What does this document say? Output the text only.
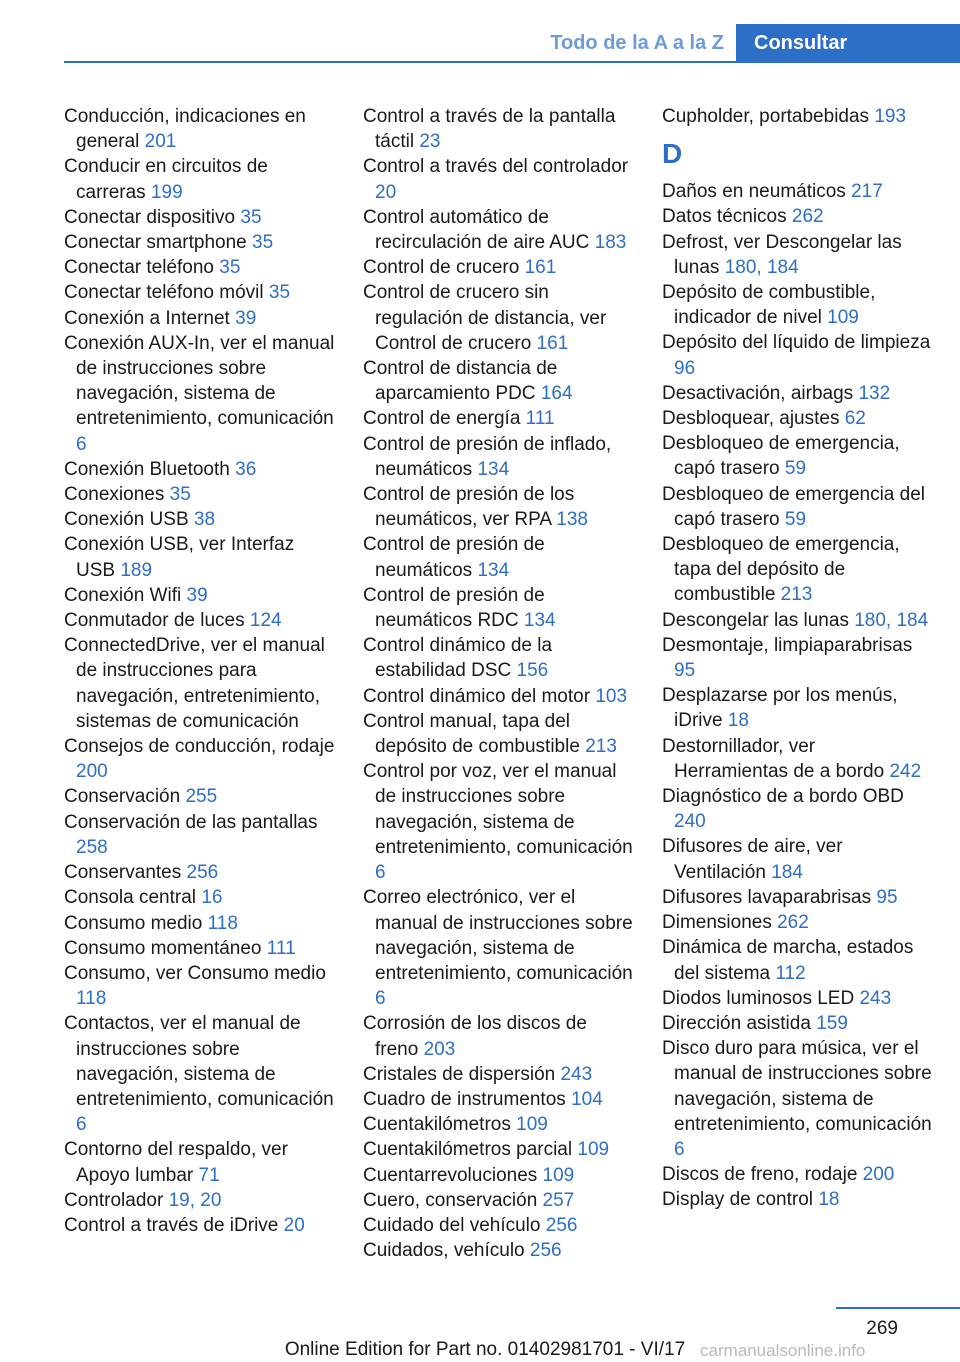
Todo de la A a la Z	Consultar
Conducción, indicaciones en general 201
Conducir en circuitos de carreras 199
Conectar dispositivo 35
Conectar smartphone 35
Conectar teléfono 35
Conectar teléfono móvil 35
Conexión a Internet 39
Conexión AUX-In, ver el manual de instrucciones sobre navegación, sistema de entretenimiento, comunicación 6
Conexión Bluetooth 36
Conexiones 35
Conexión USB 38
Conexión USB, ver Interfaz USB 189
Conexión Wifi 39
Conmutador de luces 124
ConnectedDrive, ver el manual de instrucciones para navegación, entretenimiento, sistemas de comunicación
Consejos de conducción, rodaje 200
Conservación 255
Conservación de las pantallas 258
Conservantes 256
Consola central 16
Consumo medio 118
Consumo momentáneo 111
Consumo, ver Consumo medio 118
Contactos, ver el manual de instrucciones sobre navegación, sistema de entretenimiento, comunicación 6
Contorno del respaldo, ver Apoyo lumbar 71
Controlador 19, 20
Control a través de iDrive 20
Control a través de la pantalla táctil 23
Control a través del controlador 20
Control automático de recirculación de aire AUC 183
Control de crucero 161
Control de crucero sin regulación de distancia, ver Control de crucero 161
Control de distancia de aparcamiento PDC 164
Control de energía 111
Control de presión de inflado, neumáticos 134
Control de presión de los neumáticos, ver RPA 138
Control de presión de neumáticos 134
Control de presión de neumáticos RDC 134
Control dinámico de la estabilidad DSC 156
Control dinámico del motor 103
Control manual, tapa del depósito de combustible 213
Control por voz, ver el manual de instrucciones sobre navegación, sistema de entretenimiento, comunicación 6
Correo electrónico, ver el manual de instrucciones sobre navegación, sistema de entretenimiento, comunicación 6
Corrosión de los discos de freno 203
Cristales de dispersión 243
Cuadro de instrumentos 104
Cuentakilómetros 109
Cuentakilómetros parcial 109
Cuentarrevoluciones 109
Cuero, conservación 257
Cuidado del vehículo 256
Cuidados, vehículo 256
Cupholder, portabebidas 193
D
Daños en neumáticos 217
Datos técnicos 262
Defrost, ver Descongelar las lunas 180, 184
Depósito de combustible, indicador de nivel 109
Depósito del líquido de limpieza 96
Desactivación, airbags 132
Desbloquear, ajustes 62
Desbloqueo de emergencia, capó trasero 59
Desbloqueo de emergencia del capó trasero 59
Desbloqueo de emergencia, tapa del depósito de combustible 213
Descongelar las lunas 180, 184
Desmontaje, limpiaparabrisas 95
Desplazarse por los menús, iDrive 18
Destornillador, ver Herramientas de a bordo 242
Diagnóstico de a bordo OBD 240
Difusores de aire, ver Ventilación 184
Difusores lavaparabrisas 95
Dimensiones 262
Dinámica de marcha, estados del sistema 112
Diodos luminosos LED 243
Dirección asistida 159
Disco duro para música, ver el manual de instrucciones sobre navegación, sistema de entretenimiento, comunicación 6
Discos de freno, rodaje 200
Display de control 18
269
Online Edition for Part no. 01402981701 - VI/17 carmanualsonline.info
